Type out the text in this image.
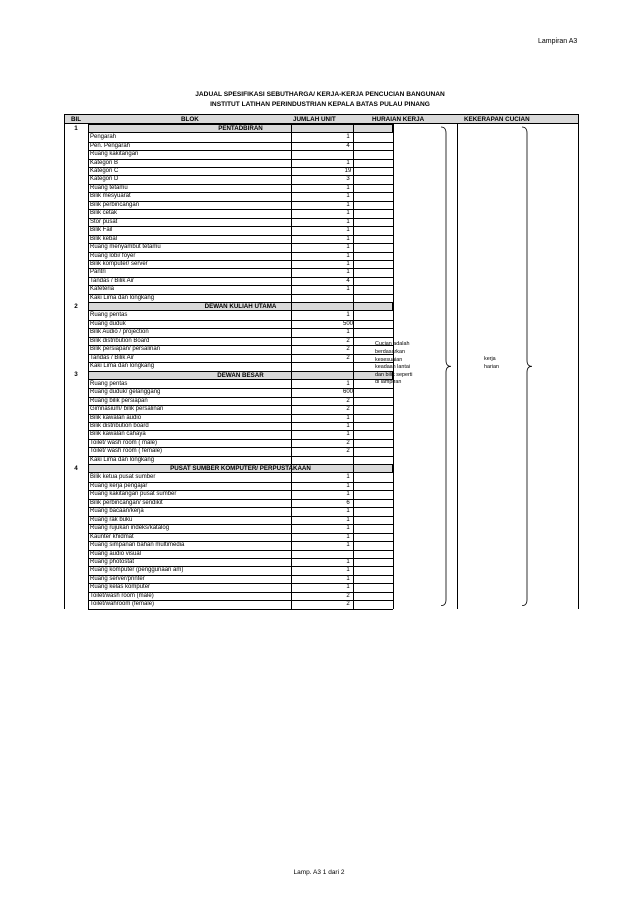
Lampiran A3
JADUAL SPESIFIKASI SEBUTHARGA/ KERJA-KERJA PENCUCIAN BANGUNAN
INSTITUT LATIHAN PERINDUSTRIAN KEPALA BATAS PULAU PINANG
BIL	BLOK	JUMLAH UNIT	HURAIAN KERJA	KEKERAPAN CUCIAN
1	PENTADBIRAN
Pengarah	1
Pen. Pengarah	4
Ruang kakitangan
Kategori B	1
Kategori C	19
Kategori D	3
Ruang tetamu	1
Bilik mesyuarat	1
Bilik perbincangan	1
Bilik cetak	1
Stor pusat	1
Bilik Fail	1
Bilik kebal	1
Ruang menyambut tetamu	1
Ruang lobi/ foyer	1
Bilik komputer/ server	1
Pantri	1
Tandas / Bilik Air	4
Kafeteria	1
Kaki Lima dan longkang
2	DEWAN KULIAH UTAMA
Ruang pentas	1
Ruang duduk	500
Bilik Audio / projection	1
Bilik distribution Board	2
Bilik persiapan/ persalinan	2
Tandas / Bilik Air	2
Kaki Lima dan longkang
3	DEWAN BESAR
Ruang pentas	1
Ruang duduk/ gelanggang	600
Ruang bilik persiapan	2
Gimnasium/ bilik persalinan	2
Bilik kawalan audio	1
Bilik distribution board	1
Bilik kawalan cahaya	1
Toilet/ wash room ( male)	2
Toilet/ wash room ( female)	2
Kaki Lima dan longkang
4	PUSAT SUMBER KOMPUTER/ PERPUSTAKAAN
Bilik ketua pusat sumber	1
Ruang kerja pengajar	1
Ruang kakitangan pusat sumber	1
Bilik perbincangan/ sendikit	6
Ruang bacaan/kerja	1
Ruang rak buku	1
Ruang rujukan indeks/katalog	1
Kaunter khidmat	1
Ruang simpanan bahan multimedia	1
Ruang audio visual
Ruang photostat	1
Ruang komputer (penggunaan am)	1
Ruang server/printer	1
Ruang kelas komputer	1
Toilet/wash room (male)	2
Toilet/wahroom (female)	2
Cucian adalah
berdasarkan
kesesuaian
keadaan lantai
dan bilik seperti
di lampiran
kerja
harian
Lamp. A3 1 dari 2
